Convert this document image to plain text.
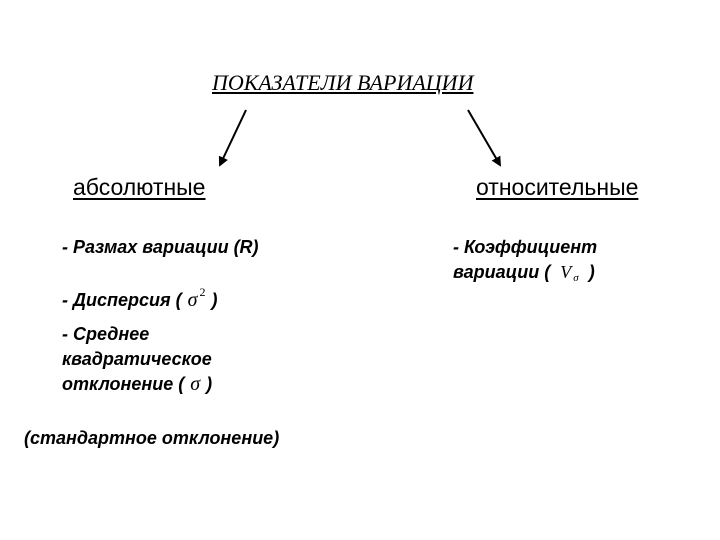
ПОКАЗАТЕЛИ ВАРИАЦИИ
абсолютные	относительные
- Размах вариации (R)
- Дисперсия ( σ $^2$ )
- Среднее
квадратическое
отклонение ( σ )
(стандартное отклонение)
- Коэффициент
вариации ( V σ )
